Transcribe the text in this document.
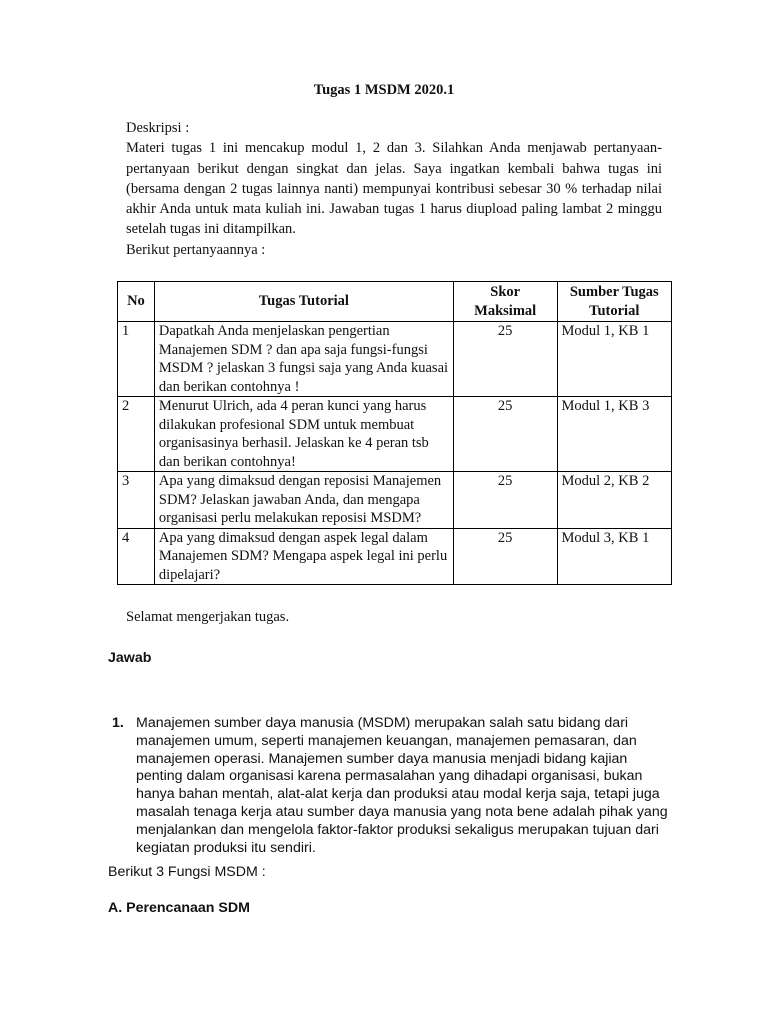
Tugas 1 MSDM 2020.1

Deskripsi :

Materi tugas 1 ini mencakup modul 1, 2 dan 3. Silahkan Anda menjawab pertanyaan-pertanyaan berikut dengan singkat dan jelas. Saya ingatkan kembali bahwa tugas ini (bersama dengan 2 tugas lainnya nanti) mempunyai kontribusi sebesar 30 % terhadap nilai akhir Anda untuk mata kuliah ini. Jawaban tugas 1 harus diupload paling lambat 2 minggu setelah tugas ini ditampilkan.

Berikut pertanyaannya :

No	Tugas Tutorial	Skor Maksimal	Sumber Tugas Tutorial
1	Dapatkah Anda menjelaskan pengertian Manajemen SDM ? dan apa saja fungsi-fungsi MSDM ? jelaskan 3 fungsi saja yang Anda kuasai dan berikan contohnya !	25	Modul 1, KB 1
2	Menurut Ulrich, ada 4 peran kunci yang harus dilakukan profesional SDM untuk membuat organisasinya berhasil. Jelaskan ke 4 peran tsb dan berikan contohnya!	25	Modul 1, KB 3
3	Apa yang dimaksud dengan reposisi Manajemen SDM? Jelaskan jawaban Anda, dan mengapa organisasi perlu melakukan reposisi MSDM?	25	Modul 2, KB 2
4	Apa yang dimaksud dengan aspek legal dalam Manajemen SDM? Mengapa aspek legal ini perlu dipelajari?	25	Modul 3, KB 1
Selamat mengerjakan tugas.
Jawab
1. Manajemen sumber daya manusia (MSDM) merupakan salah satu bidang dari manajemen umum, seperti manajemen keuangan, manajemen pemasaran, dan manajemen operasi. Manajemen sumber daya manusia menjadi bidang kajian penting dalam organisasi karena permasalahan yang dihadapi organisasi, bukan hanya bahan mentah, alat-alat kerja dan produksi atau modal kerja saja, tetapi juga masalah tenaga kerja atau sumber daya manusia yang nota bene adalah pihak yang menjalankan dan mengelola faktor-faktor produksi sekaligus merupakan tujuan dari kegiatan produksi itu sendiri.
Berikut 3 Fungsi MSDM :
A. Perencanaan SDM
